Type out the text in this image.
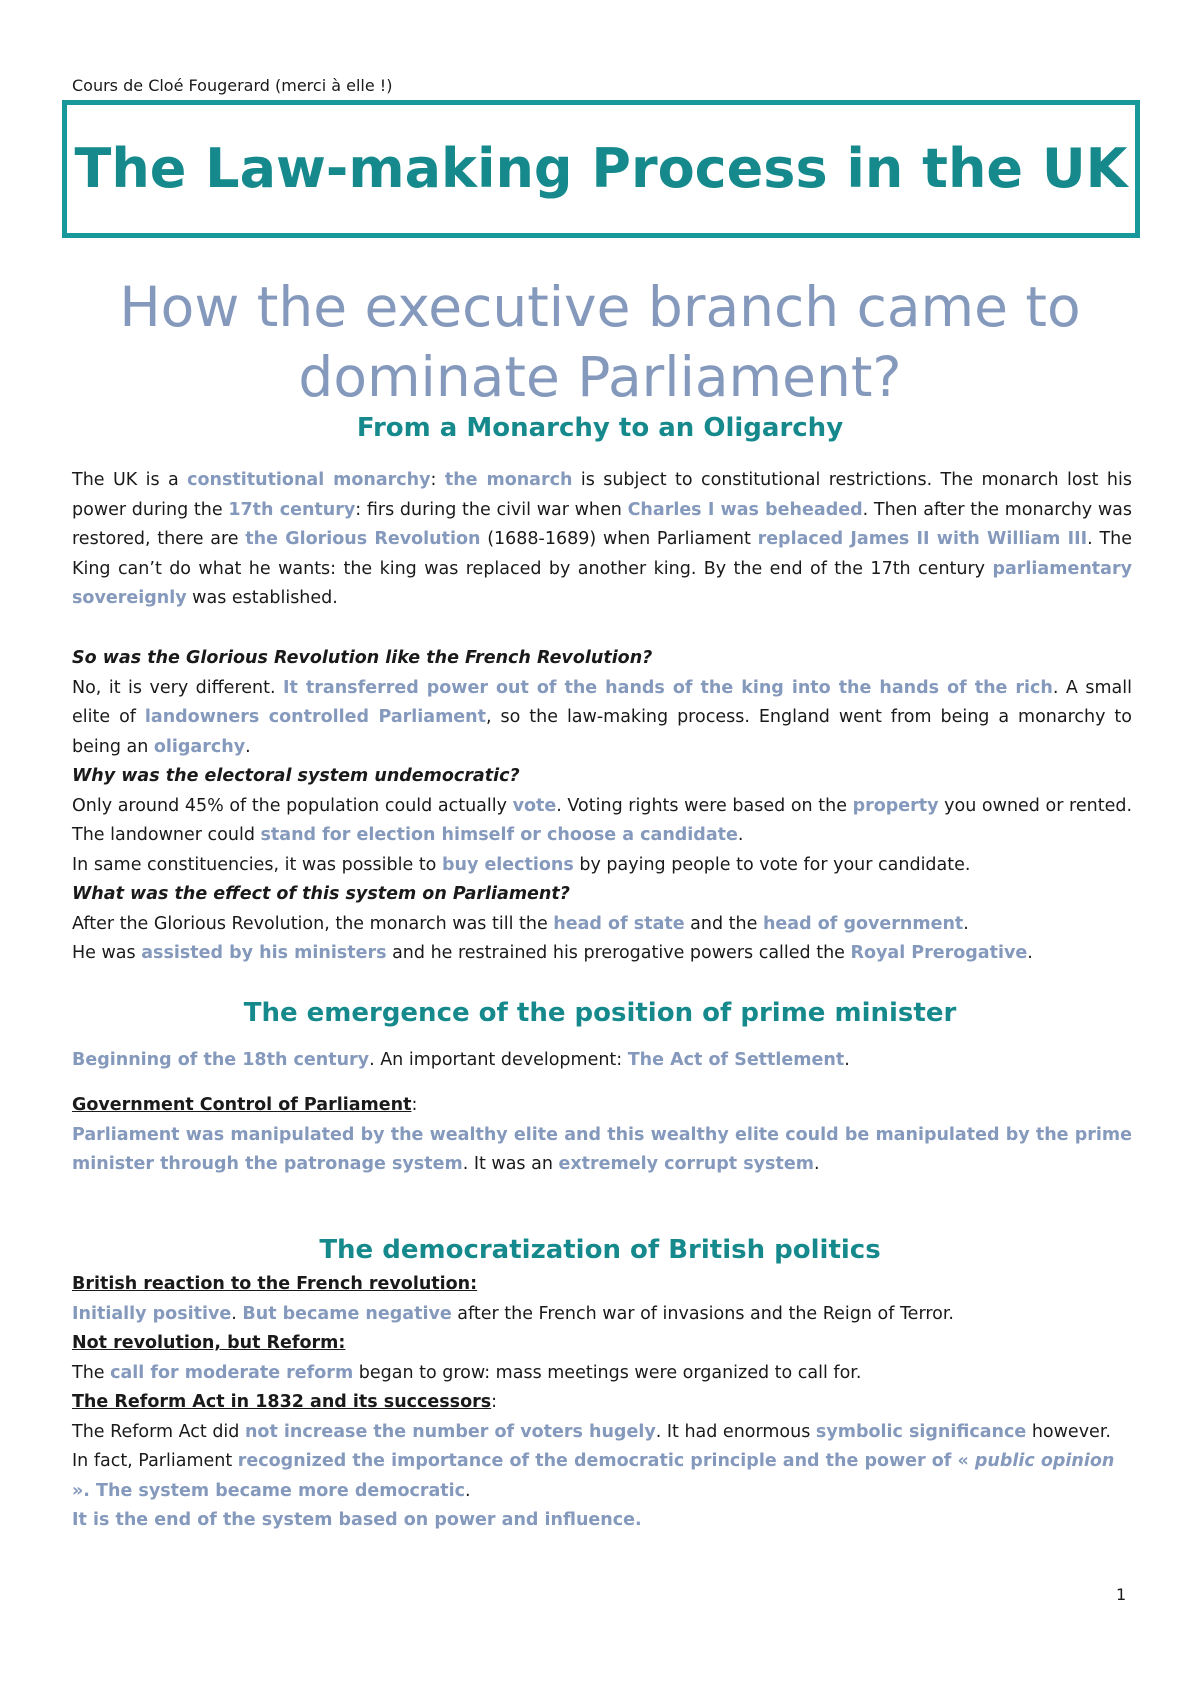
Cours de Cloé Fougerard (merci à elle !)
The Law-making Process in the UK
How the executive branch came to dominate Parliament?
From a Monarchy to an Oligarchy

The UK is a constitutional monarchy: the monarch is subject to constitutional restrictions. The monarch lost his power during the 17th century: firs during the civil war when Charles I was beheaded. Then after the monarchy was restored, there are the Glorious Revolution (1688-1689) when Parliament replaced James II with William III. The King can’t do what he wants: the king was replaced by another king. By the end of the 17th century parliamentary sovereignly was established.

So was the Glorious Revolution like the French Revolution?

No, it is very different. It transferred power out of the hands of the king into the hands of the rich. A small elite of landowners controlled Parliament, so the law-making process. England went from being a monarchy to being an oligarchy.

Why was the electoral system undemocratic?

Only around 45% of the population could actually vote. Voting rights were based on the property you owned or rented. The landowner could stand for election himself or choose a candidate.

In same constituencies, it was possible to buy elections by paying people to vote for your candidate.

What was the effect of this system on Parliament?

After the Glorious Revolution, the monarch was till the head of state and the head of government.

He was assisted by his ministers and he restrained his prerogative powers called the Royal Prerogative.

The emergence of the position of prime minister

Beginning of the 18th century. An important development: The Act of Settlement.

Government Control of Parliament:

Parliament was manipulated by the wealthy elite and this wealthy elite could be manipulated by the prime minister through the patronage system. It was an extremely corrupt system.

The democratization of British politics

British reaction to the French revolution:

Initially positive. But became negative after the French war of invasions and the Reign of Terror.

Not revolution, but Reform:

The call for moderate reform began to grow: mass meetings were organized to call for.

The Reform Act in 1832 and its successors:

The Reform Act did not increase the number of voters hugely. It had enormous symbolic significance however.

In fact, Parliament recognized the importance of the democratic principle and the power of « public opinion ». The system became more democratic.

It is the end of the system based on power and influence.

1
